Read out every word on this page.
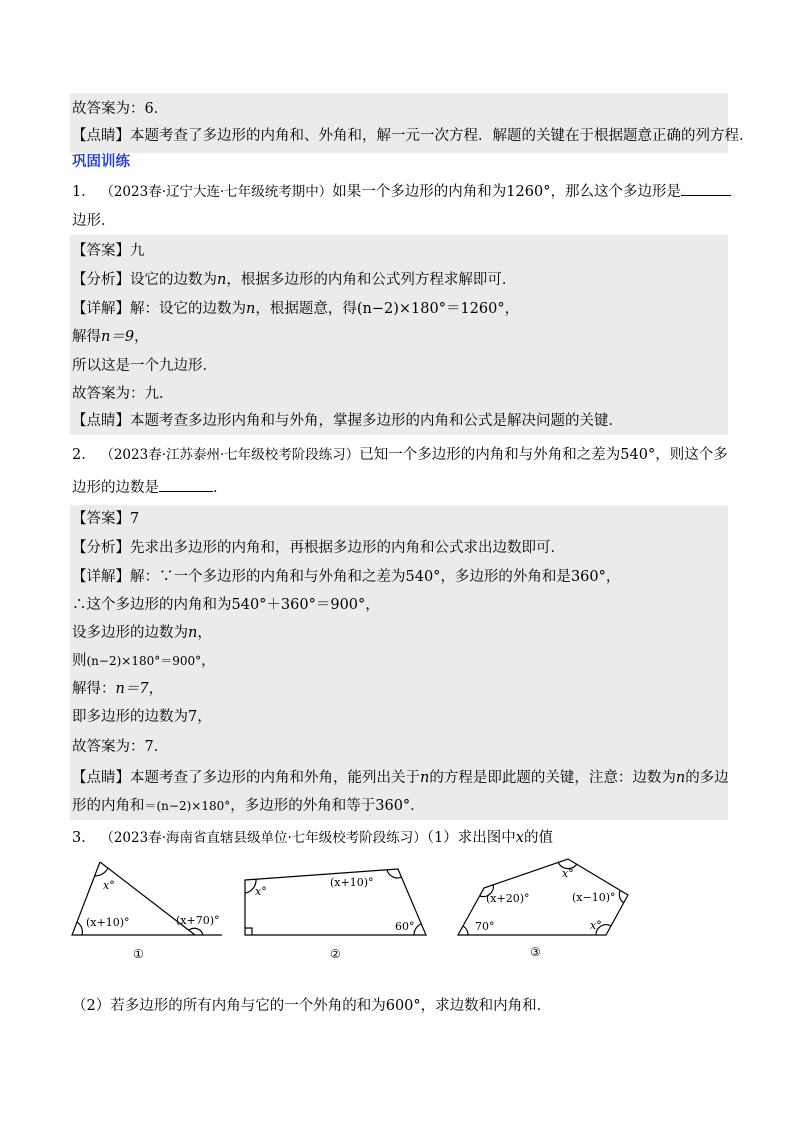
故答案为：6．
【点睛】本题考查了多边形的内角和、外角和，解一元一次方程．解题的关键在于根据题意正确的列方程．
巩固训练
1． （2023春·辽宁大连·七年级统考期中）如果一个多边形的内角和为1260°，那么这个多边形是
边形．
【答案】九
【分析】设它的边数为n，根据多边形的内角和公式列方程求解即可．
【详解】解：设它的边数为n，根据题意，得(n−2)×180°＝1260°，
解得n＝9，
所以这是一个九边形．
故答案为：九．
【点睛】本题考查多边形内角和与外角，掌握多边形的内角和公式是解决问题的关键．
2． （2023春·江苏泰州·七年级校考阶段练习）已知一个多边形的内角和与外角和之差为540°，则这个多
边形的边数是	．
【答案】7
【分析】先求出多边形的内角和，再根据多边形的内角和公式求出边数即可．
【详解】解：∵一个多边形的内角和与外角和之差为540°，多边形的外角和是360°，
∴这个多边形的内角和为540°＋360°＝900°，
设多边形的边数为n，
则(n−2)×180°＝900°，
解得：n＝7，
即多边形的边数为7，
故答案为：7．
【点睛】本题考查了多边形的内角和外角，能列出关于n的方程是即此题的关键，注意：边数为n的多边
形的内角和＝(n−2)×180°，多边形的外角和等于360°．
3． （2023春·海南省直辖县级单位·七年级校考阶段练习）（1）求出图中x的值
x°
(x+10)°	(x+70)°
①
x°
(x+10)°
60°
②
(x+20)°
x°
(x−10)°
70°	x°
③
（2）若多边形的所有内角与它的一个外角的和为600°，求边数和内角和．
